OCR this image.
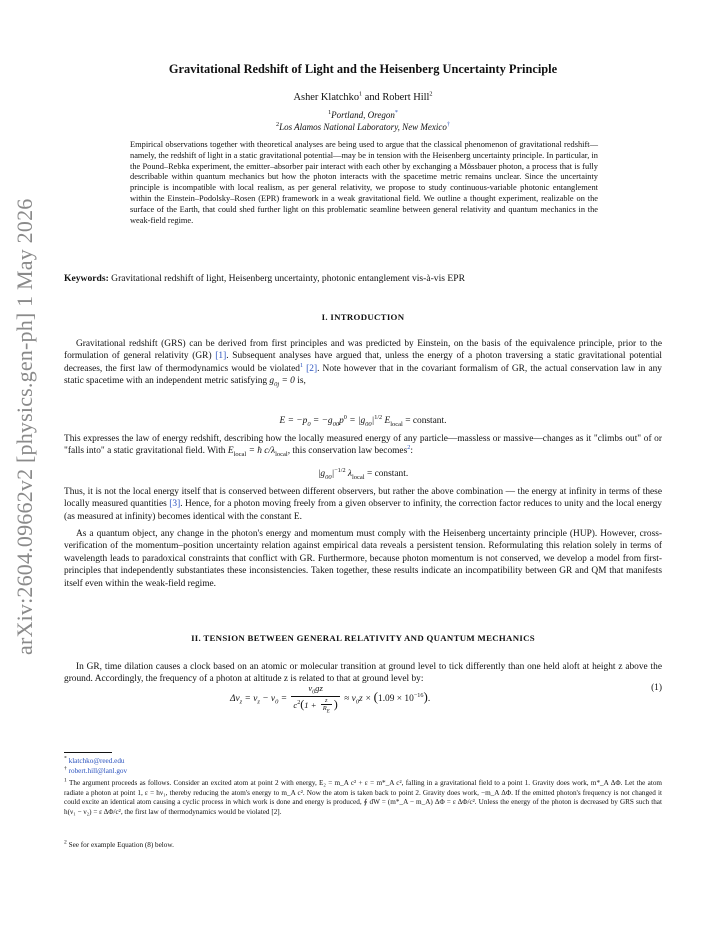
arXiv:2604.09662v2 [physics.gen-ph] 1 May 2026
Gravitational Redshift of Light and the Heisenberg Uncertainty Principle
Asher Klatchko$^1$ and Robert Hill$^2$
$^1$Portland, Oregon*
$^2$Los Alamos National Laboratory, New Mexico†
Empirical observations together with theoretical analyses are being used to argue that the classical phenomenon of gravitational redshift—namely, the redshift of light in a static gravitational potential—may be in tension with the Heisenberg uncertainty principle. In particular, in the Pound–Rebka experiment, the emitter–absorber pair interact with each other by exchanging a Mössbauer photon, a process that is fully describable within quantum mechanics but how the photon interacts with the spacetime metric remains unclear. Since the uncertainty principle is incompatible with local realism, as per general relativity, we propose to study continuous-variable photonic entanglement within the Einstein–Podolsky–Rosen (EPR) framework in a weak gravitational field. We outline a thought experiment, realizable on the surface of the Earth, that could shed further light on this problematic seamline between general relativity and quantum mechanics in the weak-field regime.
Keywords: Gravitational redshift of light, Heisenberg uncertainty, photonic entanglement vis-à-vis EPR
I. INTRODUCTION
Gravitational redshift (GRS) can be derived from first principles and was predicted by Einstein, on the basis of the equivalence principle, prior to the formulation of general relativity (GR) [1]. Subsequent analyses have argued that, unless the energy of a photon traversing a static gravitational potential decreases, the first law of thermodynamics would be violated$^1$ [2]. Note however that in the covariant formalism of GR, the actual conservation law in any static spacetime with an independent metric satisfying $g_{0j} = 0$ is,
$E = -p_0 = -g_{00}p^0 = |g_{00}|^{1/2}$ $E_{local}$ = constant.
This expresses the law of energy redshift, describing how the locally measured energy of any particle—massless or massive—changes as it "climbs out" of or "falls into" a static gravitational field. With $E_{local}$ = ħ $c/\lambda_{local}$, this conservation law becomes$^2$:
$|g_{00}|^{-1/2}$ $\lambda_{local}$ = constant.
Thus, it is not the local energy itself that is conserved between different observers, but rather the above combination — the energy at infinity in terms of these locally measured quantities [3]. Hence, for a photon moving freely from a given observer to infinity, the correction factor reduces to unity and the local energy (as measured at infinity) becomes identical with the constant E.
As a quantum object, any change in the photon's energy and momentum must comply with the Heisenberg uncertainty principle (HUP). However, cross-verification of the momentum–position uncertainty relation against empirical data reveals a persistent tension. Reformulating this relation solely in terms of wavelength leads to paradoxical constraints that conflict with GR. Furthermore, because photon momentum is not conserved, we develop a model from first-principles that independently substantiates these inconsistencies. Taken together, these results indicate an incompatibility between GR and QM that manifests itself even within the weak-field regime.
II. TENSION BETWEEN GENERAL RELATIVITY AND QUANTUM MECHANICS
In GR, time dilation causes a clock based on an atomic or molecular transition at ground level to tick differently than one held aloft at height z above the ground. Accordingly, the frequency of a photon at altitude z is related to that at ground level by:
$\Delta\nu_z = \nu_z - \nu_0 = \frac{\nu_0gz}{c^2(1 + \frac{z}{R_E} )} \approx \nu_0z \times (1.09 \times 10^{-16})$.
(1)
* klatchko@reed.edu
† robert.hill@lanl.gov
$^1$ The argument proceeds as follows. Consider an excited atom at point 2 with energy, E₂ = m_A c² + ε = m*_A c², falling in a gravitational field to a point 1. Gravity does work, m*_A ΔΦ. Let the atom radiate a photon at point 1, ε = hν₁, thereby reducing the atom's energy to m_A c². Now the atom is taken back to point 2. Gravity does work, −m_A ΔΦ. If the emitted photon's frequency is not changed it could excite an identical atom causing a cyclic process in which work is done and energy is produced, ∮ dW = (m*_A − m_A) ΔΦ = ε ΔΦ/c². Unless the energy of the photon is decreased by GRS such that h(ν₁ − ν₂) = ε ΔΦ/c², the first law of thermodynamics would be violated [2].
$^2$ See for example Equation (8) below.
